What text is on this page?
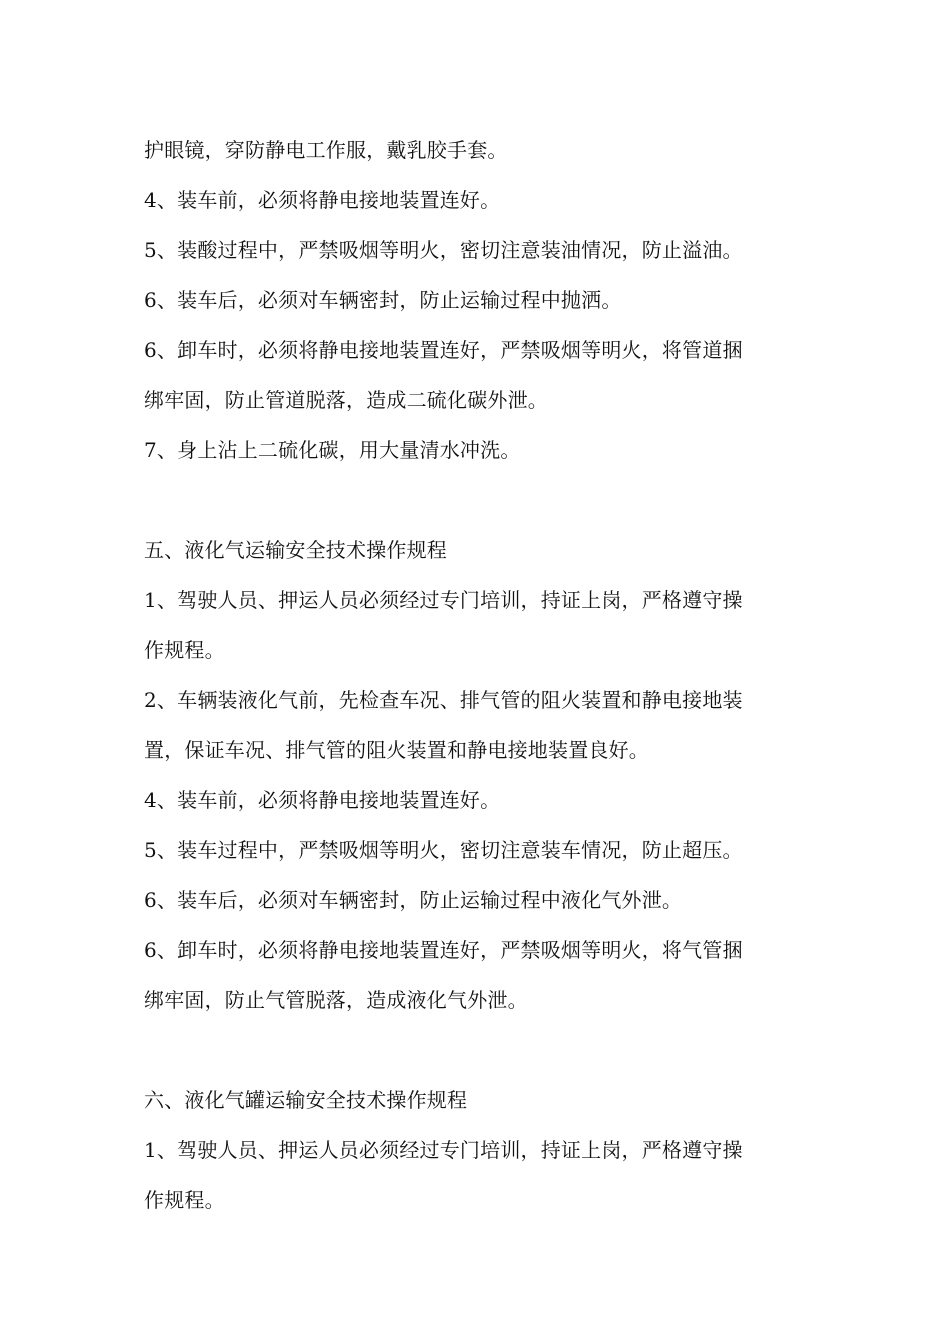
护眼镜，穿防静电工作服，戴乳胶手套。
4、装车前，必须将静电接地装置连好。
5、装酸过程中，严禁吸烟等明火，密切注意装油情况，防止溢油。
6、装车后，必须对车辆密封，防止运输过程中抛洒。
6、卸车时，必须将静电接地装置连好，严禁吸烟等明火，将管道捆
绑牢固，防止管道脱落，造成二硫化碳外泄。
7、身上沾上二硫化碳，用大量清水冲洗。
五、液化气运输安全技术操作规程
1、驾驶人员、押运人员必须经过专门培训，持证上岗，严格遵守操
作规程。
2、车辆装液化气前，先检查车况、排气管的阻火装置和静电接地装
置，保证车况、排气管的阻火装置和静电接地装置良好。
4、装车前，必须将静电接地装置连好。
5、装车过程中，严禁吸烟等明火，密切注意装车情况，防止超压。
6、装车后，必须对车辆密封，防止运输过程中液化气外泄。
6、卸车时，必须将静电接地装置连好，严禁吸烟等明火，将气管捆
绑牢固，防止气管脱落，造成液化气外泄。
六、液化气罐运输安全技术操作规程
1、驾驶人员、押运人员必须经过专门培训，持证上岗，严格遵守操
作规程。
